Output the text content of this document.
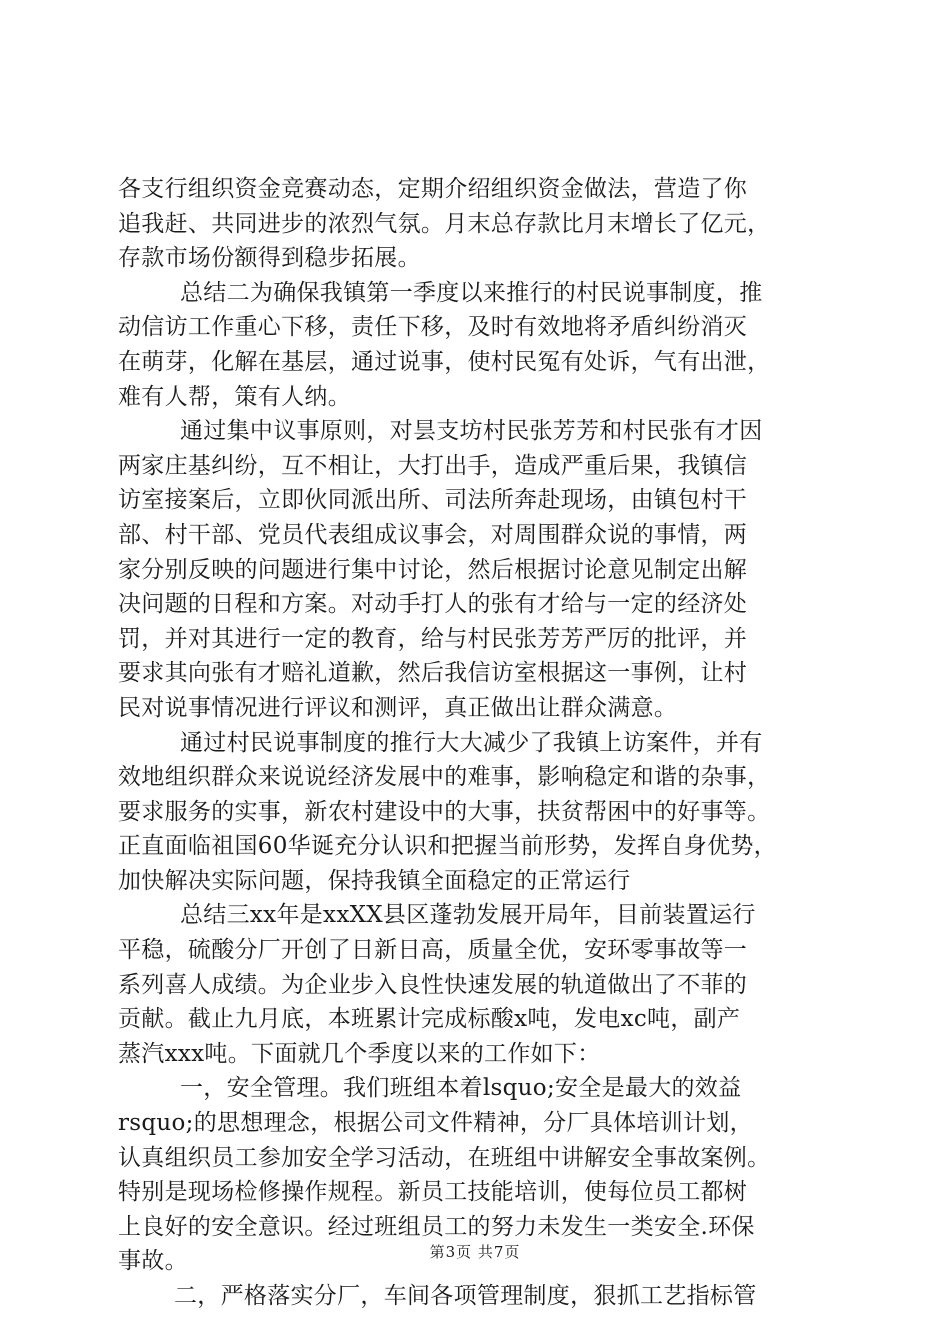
各支行组织资金竞赛动态，定期介绍组织资金做法，营造了你
追我赶、共同进步的浓烈气氛。月末总存款比月末增长了亿元，
存款市场份额得到稳步拓展。
总结二为确保我镇第一季度以来推行的村民说事制度，推
动信访工作重心下移，责任下移，及时有效地将矛盾纠纷消灭
在萌芽，化解在基层，通过说事，使村民冤有处诉，气有出泄，
难有人帮，策有人纳。
通过集中议事原则，对昙支坊村民张芳芳和村民张有才因
两家庄基纠纷，互不相让，大打出手，造成严重后果，我镇信
访室接案后，立即伙同派出所、司法所奔赴现场，由镇包村干
部、村干部、党员代表组成议事会，对周围群众说的事情，两
家分别反映的问题进行集中讨论，然后根据讨论意见制定出解
决问题的日程和方案。对动手打人的张有才给与一定的经济处
罚，并对其进行一定的教育，给与村民张芳芳严厉的批评，并
要求其向张有才赔礼道歉，然后我信访室根据这一事例，让村
民对说事情况进行评议和测评，真正做出让群众满意。
通过村民说事制度的推行大大减少了我镇上访案件，并有
效地组织群众来说说经济发展中的难事，影响稳定和谐的杂事，
要求服务的实事，新农村建设中的大事，扶贫帮困中的好事等。
正直面临祖国60华诞充分认识和把握当前形势，发挥自身优势，
加快解决实际问题，保持我镇全面稳定的正常运行
总结三xx年是xxXX县区蓬勃发展开局年，目前装置运行
平稳，硫酸分厂开创了日新日高，质量全优，安环零事故等一
系列喜人成绩。为企业步入良性快速发展的轨道做出了不菲的
贡献。截止九月底，本班累计完成标酸x吨，发电xc吨，副产
蒸汽xxx吨。下面就几个季度以来的工作如下：
一，安全管理。我们班组本着lsquo;安全是最大的效益
rsquo;的思想理念，根据公司文件精神，分厂具体培训计划，
认真组织员工参加安全学习活动，在班组中讲解安全事故案例。
特别是现场检修操作规程。新员工技能培训，使每位员工都树
上良好的安全意识。经过班组员工的努力未发生一类安全.环保
事故。
二，严格落实分厂，车间各项管理制度，狠抓工艺指标管
第3页 共7页
